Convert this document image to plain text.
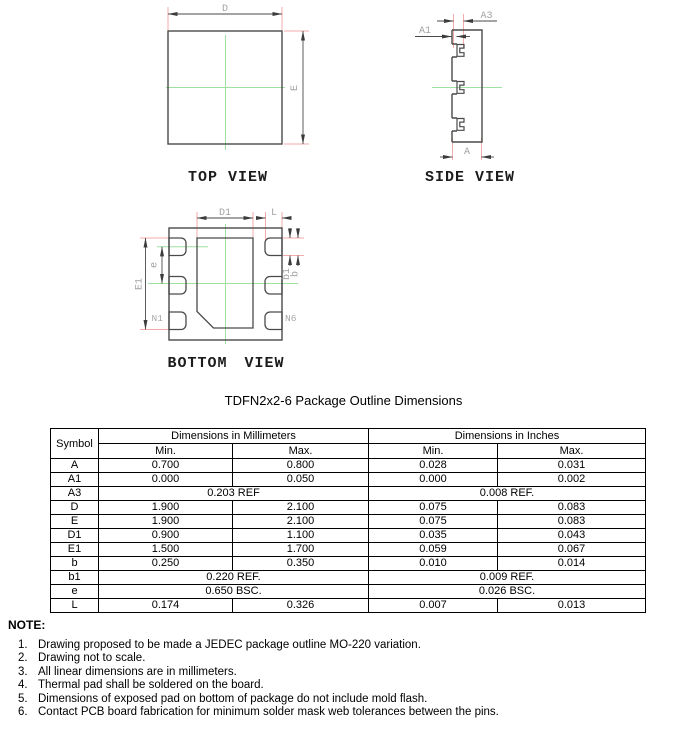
D
E
TOP VIEW
A3
A1
A
SIDE VIEW
D1	L
E1
e
b1
b
N1	N6
BOTTOM VIEW
TDFN2x2-6 Package Outline Dimensions
Symbol	Dimensions in Millimeters		Dimensions in Inches	
	Min.	Max.	Min.	Max.
A	0.700	0.800	0.028	0.031
A1	0.000	0.050	0.000	0.002
A3	0.203 REF		0.008 REF.	
D	1.900	2.100	0.075	0.083
E	1.900	2.100	0.075	0.083
D1	0.900	1.100	0.035	0.043
E1	1.500	1.700	0.059	0.067
b	0.250	0.350	0.010	0.014
b1	0.220 REF.		0.009 REF.	
e	0.650 BSC.		0.026 BSC.	
L	0.174	0.326	0.007	0.013
NOTE:
1. Drawing proposed to be made a JEDEC package outline MO-220 variation.
2. Drawing not to scale.
3. All linear dimensions are in millimeters.
4. Thermal pad shall be soldered on the board.
5. Dimensions of exposed pad on bottom of package do not include mold flash.
6. Contact PCB board fabrication for minimum solder mask web tolerances between the pins.
